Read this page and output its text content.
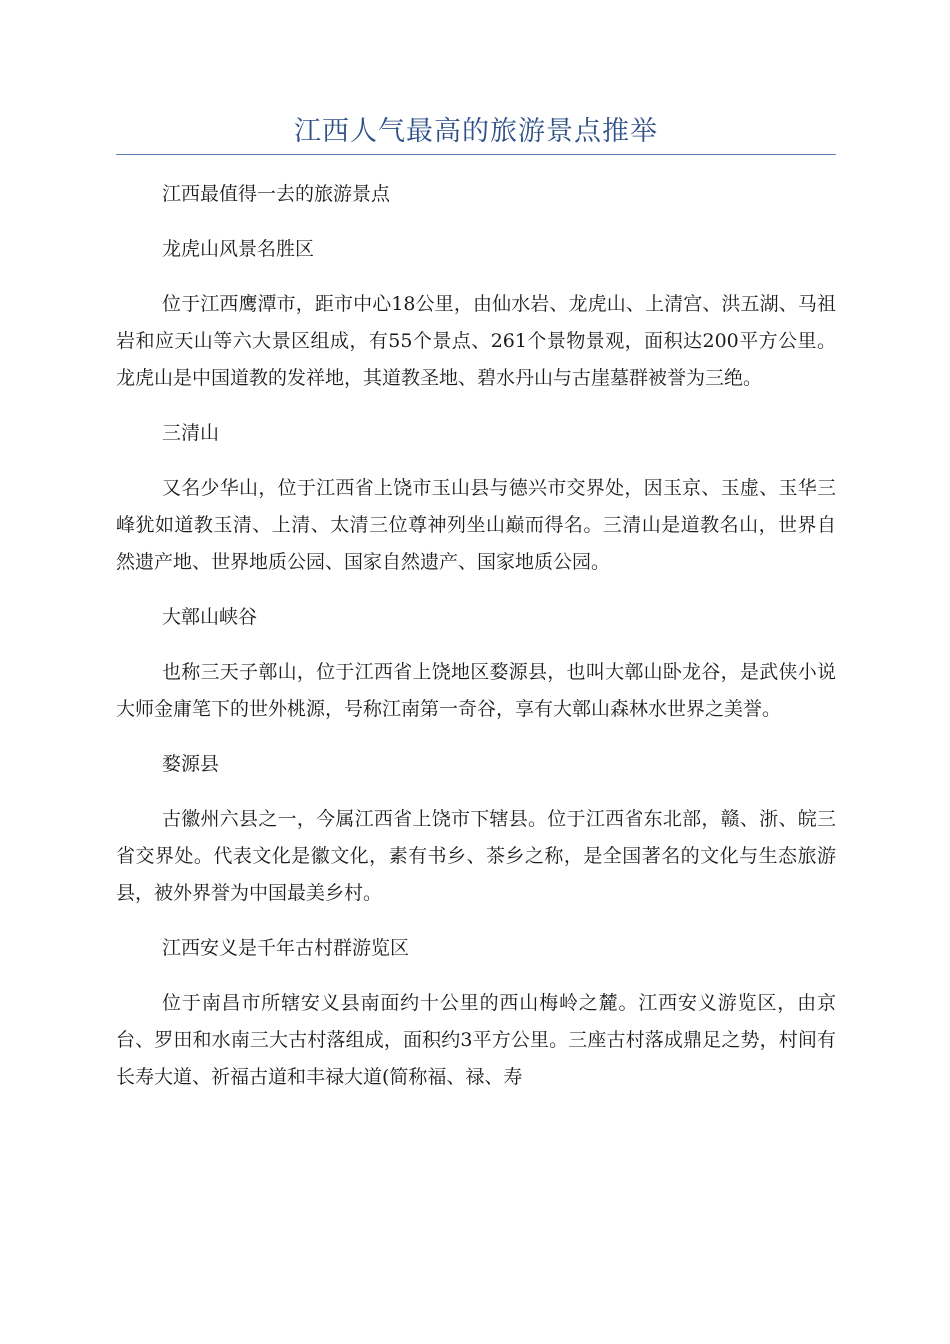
江西人气最高的旅游景点推举

江西最值得一去的旅游景点

龙虎山风景名胜区

位于江西鹰潭市，距市中心18公里，由仙水岩、龙虎山、上清宫、洪五湖、马祖岩和应天山等六大景区组成，有55个景点、261个景物景观，面积达200平方公里。龙虎山是中国道教的发祥地，其道教圣地、碧水丹山与古崖墓群被誉为三绝。

三清山

又名少华山，位于江西省上饶市玉山县与德兴市交界处，因玉京、玉虚、玉华三峰犹如道教玉清、上清、太清三位尊神列坐山巅而得名。三清山是道教名山，世界自然遗产地、世界地质公园、国家自然遗产、国家地质公园。

大鄣山峡谷

也称三天子鄣山，位于江西省上饶地区婺源县，也叫大鄣山卧龙谷，是武侠小说大师金庸笔下的世外桃源，号称江南第一奇谷，享有大鄣山森林水世界之美誉。

婺源县

古徽州六县之一，今属江西省上饶市下辖县。位于江西省东北部，赣、浙、皖三省交界处。代表文化是徽文化，素有书乡、茶乡之称，是全国著名的文化与生态旅游县，被外界誉为中国最美乡村。

江西安义是千年古村群游览区

位于南昌市所辖安义县南面约十公里的西山梅岭之麓。江西安义游览区，由京台、罗田和水南三大古村落组成，面积约3平方公里。三座古村落成鼎足之势，村间有长寿大道、祈福古道和丰禄大道(简称福、禄、寿
